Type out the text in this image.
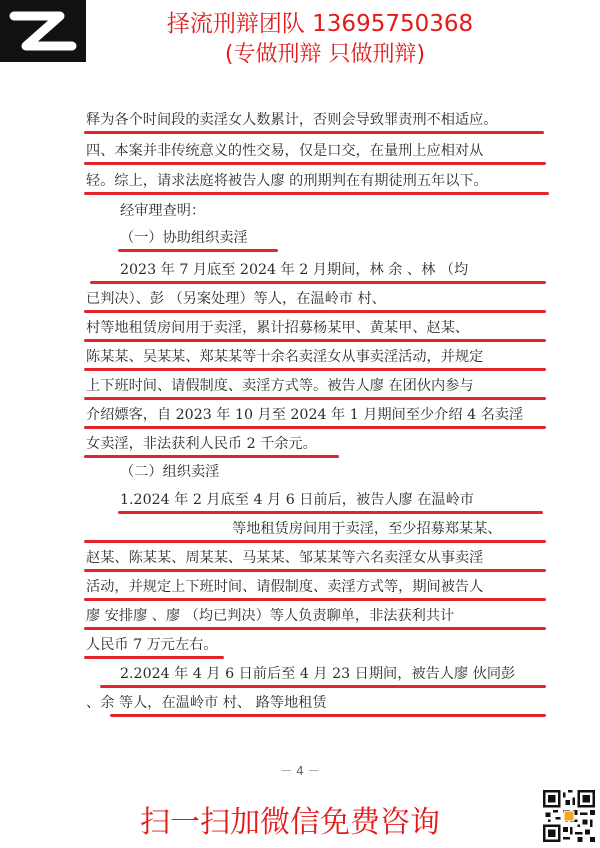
择流刑辩团队 13695750368
(专做刑辩 只做刑辩)
释为各个时间段的卖淫女人数累计，否则会导致罪责刑不相适应。
四、本案并非传统意义的性交易，仅是口交，在量刑上应相对从
轻。综上，请求法庭将被告人廖 的刑期判在有期徒刑五年以下。
经审理查明：
（一）协助组织卖淫
2023 年 7 月底至 2024 年 2 月期间，林 余 、林 （均
已判决）、彭 （另案处理）等人，在温岭市 村、
村等地租赁房间用于卖淫，累计招募杨某甲、黄某甲、赵某、
陈某某、吴某某、郑某某等十余名卖淫女从事卖淫活动，并规定
上下班时间、请假制度、卖淫方式等。被告人廖 在团伙内参与
介绍嫖客，自 2023 年 10 月至 2024 年 1 月期间至少介绍 4 名卖淫
女卖淫，非法获利人民币 2 千余元。
（二）组织卖淫
1.2024 年 2 月底至 4 月 6 日前后，被告人廖 在温岭市
等地租赁房间用于卖淫，至少招募郑某某、
赵某、陈某某、周某某、马某某、邹某某等六名卖淫女从事卖淫
活动，并规定上下班时间、请假制度、卖淫方式等，期间被告人
廖 安排廖 、廖 （均已判决）等人负责聊单，非法获利共计
人民币 7 万元左右。
2.2024 年 4 月 6 日前后至 4 月 23 日期间，被告人廖 伙同彭
、余 等人，在温岭市 村、 路等地租赁
－ 4 －
扫一扫加微信免费咨询
